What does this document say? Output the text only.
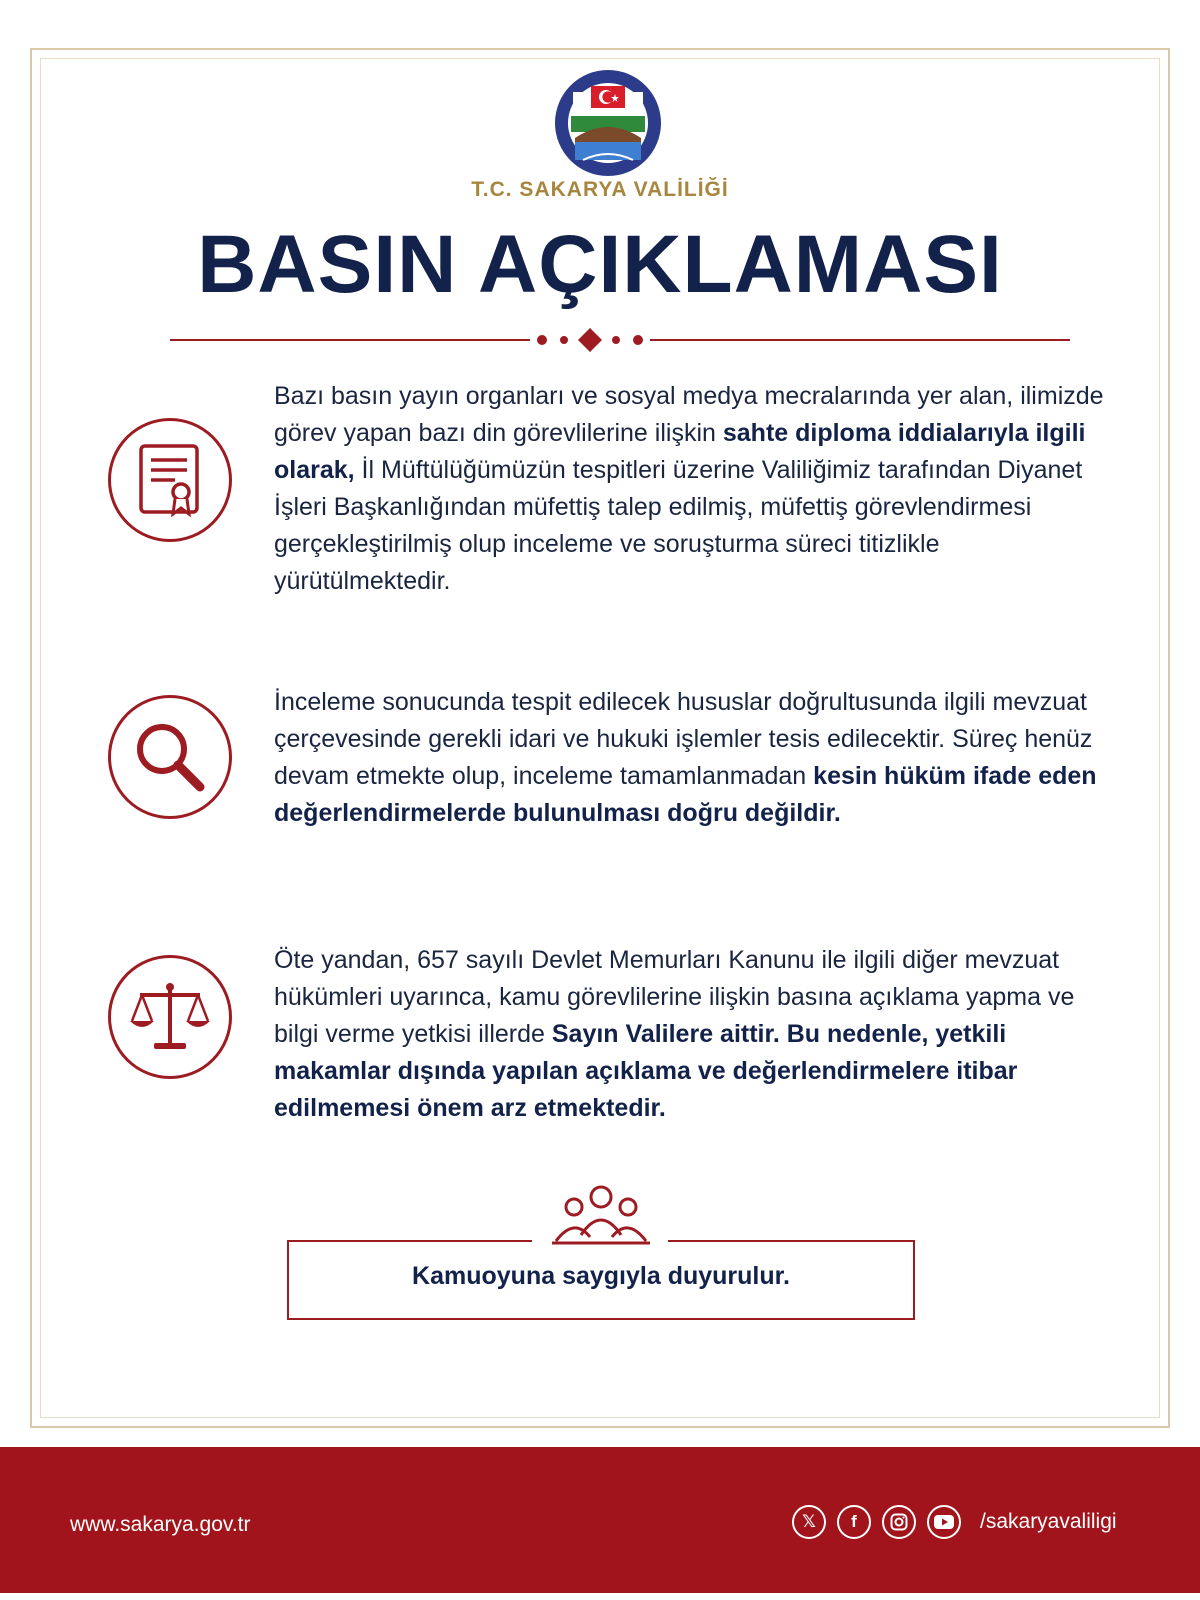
T.C. SAKARYA VALİLİĞİ
BASIN AÇIKLAMASI
Bazı basın yayın organları ve sosyal medya mecralarında yer alan, ilimizde görev yapan bazı din görevlilerine ilişkin sahte diploma iddialarıyla ilgili olarak, İl Müftülüğümüzün tespitleri üzerine Valiliğimiz tarafından Diyanet İşleri Başkanlığından müfettiş talep edilmiş, müfettiş görevlendirmesi gerçekleştirilmiş olup inceleme ve soruşturma süreci titizlikle yürütülmektedir.
İnceleme sonucunda tespit edilecek hususlar doğrultusunda ilgili mevzuat çerçevesinde gerekli idari ve hukuki işlemler tesis edilecektir. Süreç henüz devam etmekte olup, inceleme tamamlanmadan kesin hüküm ifade eden değerlendirmelerde bulunulması doğru değildir.
Öte yandan, 657 sayılı Devlet Memurları Kanunu ile ilgili diğer mevzuat hükümleri uyarınca, kamu görevlilerine ilişkin basına açıklama yapma ve bilgi verme yetkisi illerde Sayın Valilere aittir. Bu nedenle, yetkili makamlar dışında yapılan açıklama ve değerlendirmelere itibar edilmemesi önem arz etmektedir.
Kamuoyuna saygıyla duyurulur.
www.sakarya.gov.tr	𝕏	f	/sakaryavaliligi
